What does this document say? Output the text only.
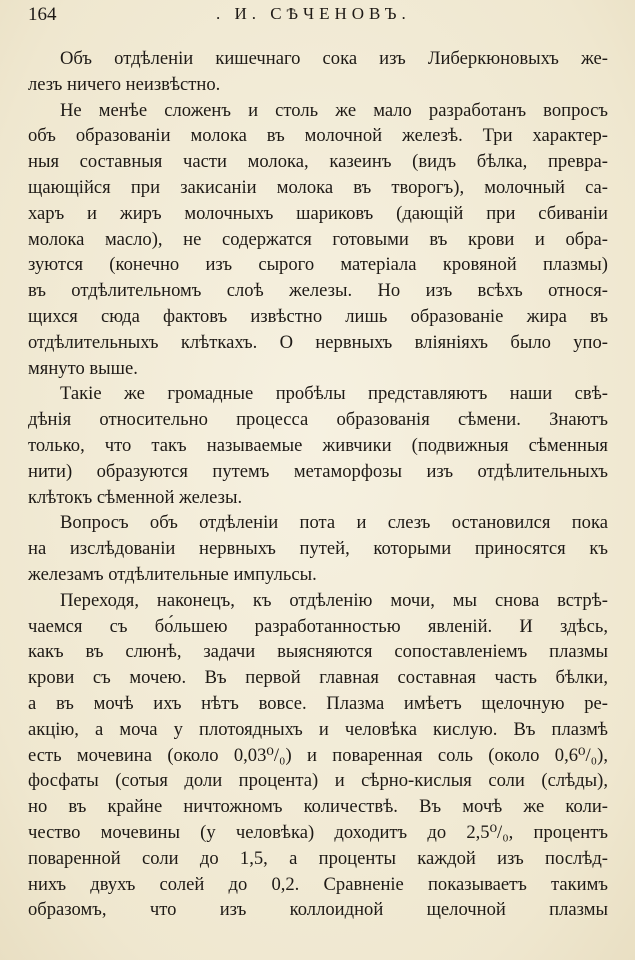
164	. И. СѢЧЕНОВЪ.
Объ отдѣленіи кишечнаго сока изъ Либеркюновыхъ же-
лезъ ничего неизвѣстно.
Не менѣе сложенъ и столь же мало разработанъ вопросъ
объ образованіи молока въ молочной железѣ. Три характер-
ныя составныя части молока, казеинъ (видъ бѣлка, превра-
щающійся при закисаніи молока въ творогъ), молочный са-
харъ и жиръ молочныхъ шариковъ (дающій при сбиваніи
молока масло), не содержатся готовыми въ крови и обра-
зуются (конечно изъ сырого матеріала кровяной плазмы)
въ отдѣлительномъ слоѣ железы. Но изъ всѣхъ относя-
щихся сюда фактовъ извѣстно лишь образованіе жира въ
отдѣлительныхъ клѣткахъ. О нервныхъ вліяніяхъ было упо-
мянуто выше.
Такіе же громадные пробѣлы представляютъ наши свѣ-
дѣнія относительно процесса образованія сѣмени. Знаютъ
только, что такъ называемые живчики (подвижныя сѣменныя
нити) образуются путемъ метаморфозы изъ отдѣлительныхъ
клѣтокъ сѣменной железы.
Вопросъ объ отдѣленіи пота и слезъ остановился пока
на изслѣдованіи нервныхъ путей, которыми приносятся къ
железамъ отдѣлительные импульсы.
Переходя, наконецъ, къ отдѣленію мочи, мы снова встрѣ-
чаемся съ бо́льшею разработанностью явленій. И здѣсь,
какъ въ слюнѣ, задачи выясняются сопоставленіемъ плазмы
крови съ мочею. Въ первой главная составная часть бѣлки,
а въ мочѣ ихъ нѣтъ вовсе. Плазма имѣетъ щелочную ре-
акцію, а моча у плотоядныхъ и человѣка кислую. Въ плазмѣ
есть мочевина (около 0,03⁰/₀) и поваренная соль (около 0,6⁰/₀),
фосфаты (сотыя доли процента) и сѣрно-кислыя соли (слѣды),
но въ крайне ничтожномъ количествѣ. Въ мочѣ же коли-
чество мочевины (у человѣка) доходитъ до 2,5⁰/₀, процентъ
поваренной соли до 1,5, а проценты каждой изъ послѣд-
нихъ двухъ солей до 0,2. Сравненіе показываетъ такимъ
образомъ, что изъ коллоидной щелочной плазмы
